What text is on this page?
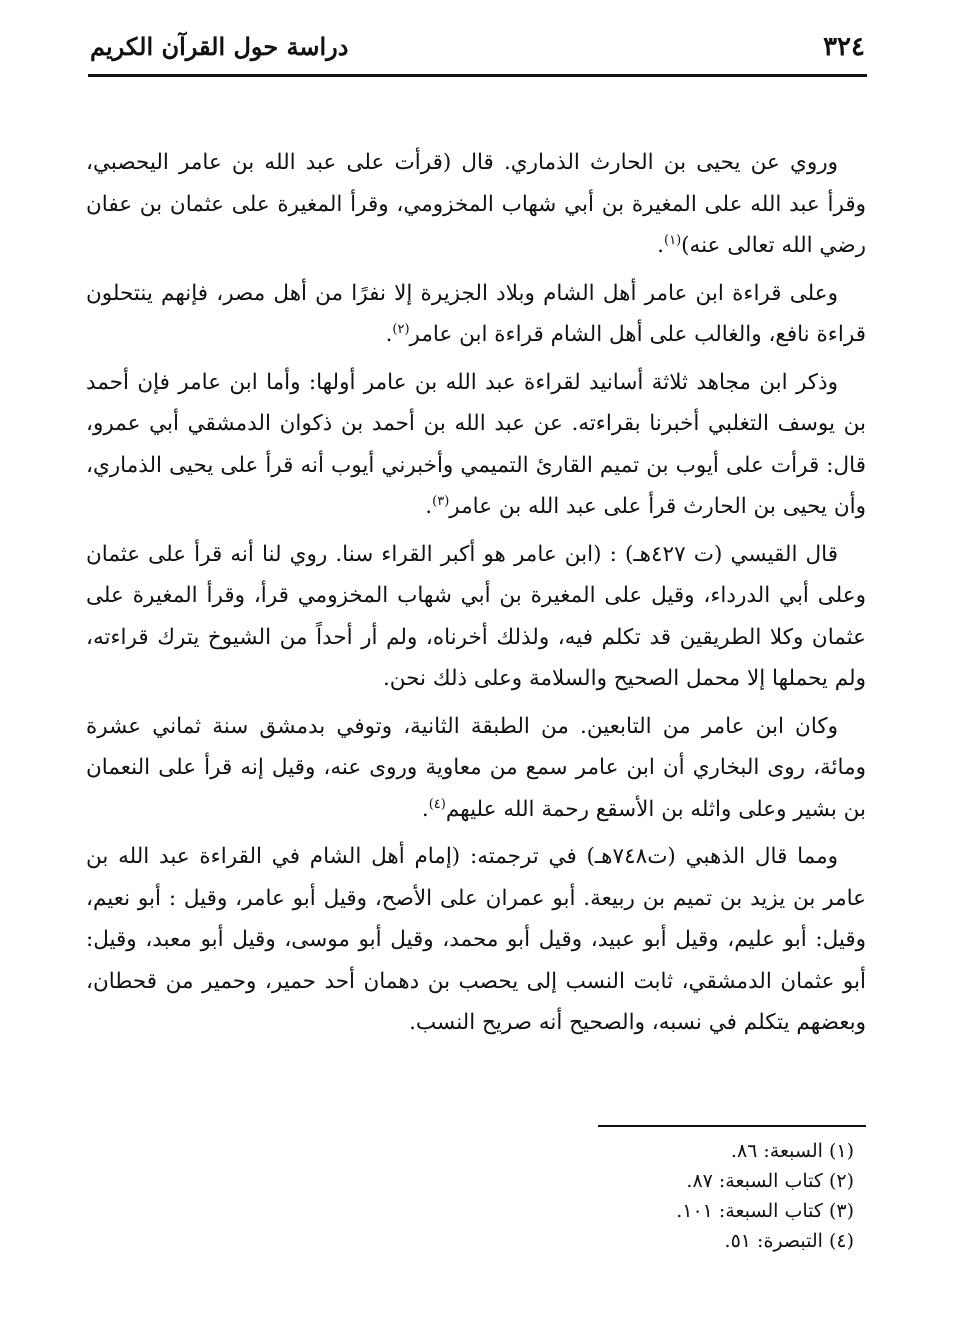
٣٢٤
دراسة حول القرآن الكريم

وروي عن يحيى بن الحارث الذماري. قال (قرأت على عبد الله بن عامر اليحصبي، وقرأ عبد الله على المغيرة بن أبي شهاب المخزومي، وقرأ المغيرة على عثمان بن عفان رضي الله تعالى عنه)$^{(١)}$.

وعلى قراءة ابن عامر أهل الشام وبلاد الجزيرة إلا نفرًا من أهل مصر، فإنهم ينتحلون قراءة نافع، والغالب على أهل الشام قراءة ابن عامر$^{(٢)}$.

وذكر ابن مجاهد ثلاثة أسانيد لقراءة عبد الله بن عامر أولها: وأما ابن عامر فإن أحمد بن يوسف التغلبي أخبرنا بقراءته. عن عبد الله بن أحمد بن ذكوان الدمشقي أبي عمرو، قال: قرأت على أيوب بن تميم القارئ التميمي وأخبرني أيوب أنه قرأ على يحيى الذماري، وأن يحيى بن الحارث قرأ على عبد الله بن عامر$^{(٣)}$.

قال القيسي (ت ٤٢٧هـ) : (ابن عامر هو أكبر القراء سنا. روي لنا أنه قرأ على عثمان وعلى أبي الدرداء، وقيل على المغيرة بن أبي شهاب المخزومي قرأ، وقرأ المغيرة على عثمان وكلا الطريقين قد تكلم فيه، ولذلك أخرناه، ولم أر أحداً من الشيوخ يترك قراءته، ولم يحملها إلا محمل الصحيح والسلامة وعلى ذلك نحن.

وكان ابن عامر من التابعين. من الطبقة الثانية، وتوفي بدمشق سنة ثماني عشرة ومائة، روى البخاري أن ابن عامر سمع من معاوية وروى عنه، وقيل إنه قرأ على النعمان بن بشير وعلى واثله بن الأسقع رحمة الله عليهم$^{(٤)}$.

ومما قال الذهبي (ت٧٤٨هـ) في ترجمته: (إمام أهل الشام في القراءة عبد الله بن عامر بن يزيد بن تميم بن ربيعة. أبو عمران على الأصح، وقيل أبو عامر، وقيل : أبو نعيم، وقيل: أبو عليم، وقيل أبو عبيد، وقيل أبو محمد، وقيل أبو موسى، وقيل أبو معبد، وقيل: أبو عثمان الدمشقي، ثابت النسب إلى يحصب بن دهمان أحد حمير، وحمير من قحطان، وبعضهم يتكلم في نسبه، والصحيح أنه صريح النسب.

(١) السبعة: ٨٦.

(٢) كتاب السبعة: ٨٧.

(٣) كتاب السبعة: ١٠١.

(٤) التبصرة: ٥١.
